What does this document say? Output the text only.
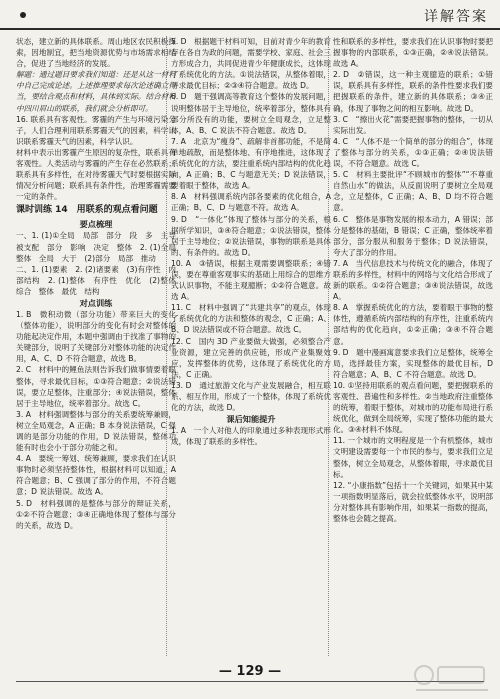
详解答案

状态，建立新的具体联系。周山地区农民积极探索，因地制宜，把当地资源优势与市场需求相结合，促进了当地经济的发展。

解题：通过题目要求我们知道：还是从这一材料中自己完成论述。上述推理要求每次论述确立得当，要结合观点和材料，具体到实际。结合材料中四川眉山的联系，我们就会分析即可。

16. 联系具有客观性。雾霾的产生与环境污染分子，人们合理利用联系雾霾天气的因素，科学认识联系雾霾天气的因素，科学认识。

材料中表示出雾霾产生原因的复杂性，联系具有客观性。人类活动与雾霾的产生存在必然联系；联系具有多样性，在对待雾霾天气时要根据实际情况分析问题；联系具有条件性，治理雾霾需要一定的条件。

课时训练 14　用联系的观点看问题

要点梳理

一、1. (1)①全局　局部　部分　段　多　主导　被支配　部分　影响　决定　整体　2. (1)全局　整体　全局　大于　(2)部分　局部　推动

二、1. (1)要素　2. (2)诸要素　(3)有序性　内部结构　2. (1)整体　有序性　优化　(2)整体　综合　整体　最优　结构

对点训练

1. B　微积动微（部分功能）带来巨大的变化（整体功能），说明部分的变化有时会对整体的功能起决定作用，本题中强调由于找准了事物的关键部分，说明了关键部分对整体功能的决定作用，A、C、D 不符合题意，故选 B。

2. C　材料中的鲤鱼法则告诉我们做事情要着眼整体，寻求最优目标，①③符合题意；②说法错误，要立足整体，注重部分；④说法错误，整体居于主导地位，统率着部分。故选 C。

3. A　材料强调整体与部分的关系要统筹兼顾，树立全局观念，A 正确；B 本身说法错误，C 强调的是部分功能的作用，D 说法错误，整体功能有时也会小于部分功能之和。

4. A　要统一筹划、统筹兼顾，要求我们在认识事物时必须坚持整体性，根据材料可以知道，A 符合题意；B、C 强调了部分的作用，不符合题意；D 说法错误。故选 A。

5. D　材料强调的是整体与部分的辩证关系，①②不符合题意；③④正确地体现了整体与部分的关系，故选 D。

5. D　根据题干材料可知，目前对青少年的教育存在各自为政的问题，需要学校、家庭、社会三方形成合力，共同促进青少年健康成长，这体现了系统优化的方法。①说法错误，从整体着眼，寻求最优目标；②③④符合题意。故选 D。

6. D　题干强调高等教育这个整体的发展问题，说明整体居于主导地位，统率着部分，整体具有部分所没有的功能，要树立全局观念，立足整体，A、B、C 说法不符合题意。故选 D。

7. A　北京为“瘦身”、疏解非首都功能，不是简单地疏散，而是整体地、有序地推进，这体现了系统优化的方法，要注重系统内部结构的优化趋向，A 正确；B、C 与题意无关；D 说法错误，要着眼于整体，故选 A。

8. A　材料强调系统内部各要素的优化组合，A 正确；B、C、D 与题意不符。故选 A。

9. D　“一体化”体现了整体与部分的关系，根据所学知识，③④符合题意；①说法错误，整体居于主导地位；②说法错误，事物的联系是具体的、有条件的。故选 D。

10. A　③错误，根据主观需要调整联系；④错误，要在尊重客观事实的基础上用综合的思维方式认识事物，不能主观臆断；①②符合题意。故选 A。

11. C　材料中强调了“共建共享”的观点，体现了系统优化的方法和整体的观念，C 正确；A、B、D 说法错误或不符合题意。故选 C。

12. C　国内 3D 产业要做大做强，必须整合产业资源，建立完善的供应链，形成产业集聚效应，发挥整体的优势，这体现了系统优化的方法，C 正确。

13. D　通过旅游文化与产业发展融合，相互联系、相互作用，形成了一个整体，体现了系统优化的方法，故选 D。

课后知能提升

1. A　一个人对他人的印象通过多种表现形式形成，体现了联系的多样性。

性和联系的多样性，要求我们在认识事物时要把握事物的内部联系，①③正确，②④说法错误。故选 A。

2. D　②错误，这一种主观臆造的联系；①错误，联系具有多样性，联系的条件性要求我们要把握联系的条件，建立新的具体联系；③④正确，体现了事物之间的相互影响。故选 D。

3. C　“擦出火花”需要把握事物的整体，一切从实际出发。

4. C　“人体不是一个简单的部分的组合”，体现了整体与部分的关系，①③正确；②④说法错误，不符合题意。故选 C。

5. C　材料主要批评“不顾城市的整体”“不尊重自然山水”的做法，从反面说明了要树立全局观念，立足整体，C 正确；A、B、D 均不符合题意。

6. C　整体是事物发展的根本动力，A 错误；部分是整体的基础，B 错误；C 正确，整体统率着部分，部分服从和服务于整体；D 说法错误，夸大了部分的作用。

7. A　当代信息技术与传统文化的融合，体现了联系的多样性，材料中的网络与文化结合形成了新的联系。①②符合题意；③④说法错误，故选 A。

8. A　掌握系统优化的方法，要着眼于事物的整体性，遵循系统内部结构的有序性，注重系统内部结构的优化趋向，①②正确；③④不符合题意。

9. D　题中漫画寓意要求我们立足整体，统筹全局，选择最佳方案，实现整体的最优目标，D 符合题意；A、B、C 不符合题意。故选 D。

10. ①坚持用联系的观点看问题，要把握联系的客观性、普遍性和多样性。②当地政府注重整体的统筹，着眼于整体，对城市的功能布局进行系统优化，做到全局统筹，实现了整体功能的最大化。③④材料不体现。

11. 一个城市的文明程度是一个有机整体，城市文明建设需要每一个市民的参与，要求我们立足整体，树立全局观念，从整体着眼，寻求最优目标。

12. “小康指数”包括十一个关键词，如果其中某一项指数明显落后，就会拉低整体水平，说明部分对整体具有影响作用，如果某一指数的提高，整体也会随之提高。

— 129 —
